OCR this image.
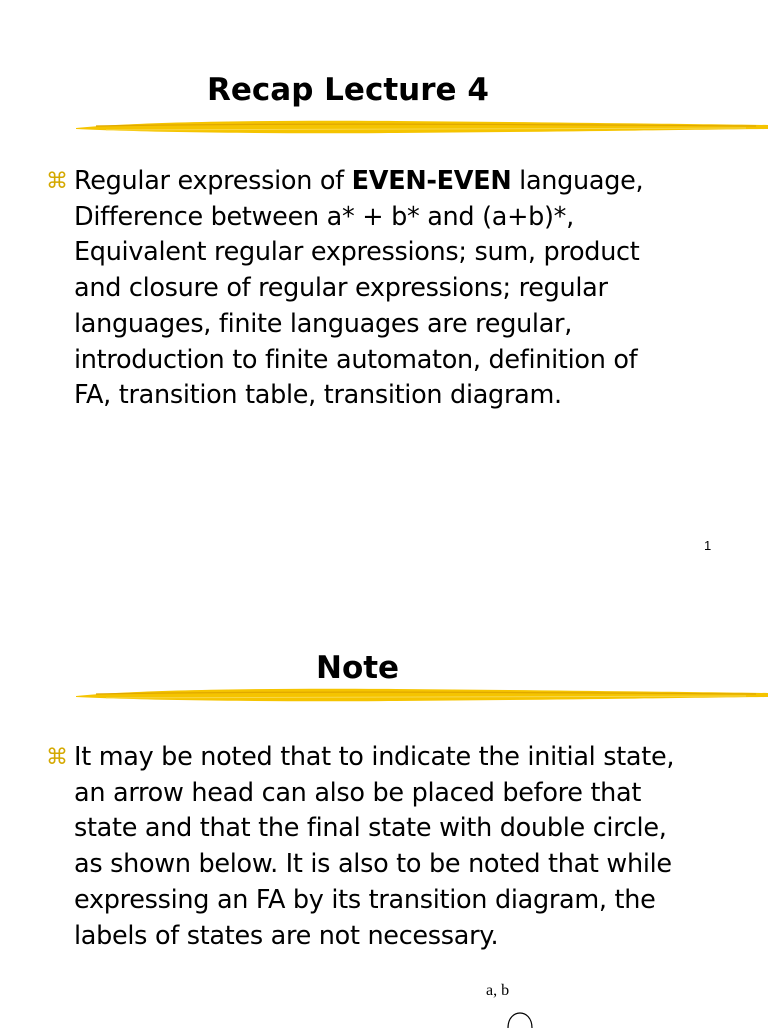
Recap Lecture 4
⌘ Regular expression of EVEN-EVEN language,
Difference between a* + b* and (a+b)*,
Equivalent regular expressions; sum, product
and closure of regular expressions; regular
languages, finite languages are regular,
introduction to finite automaton, definition of
FA, transition table, transition diagram.
1
Note
⌘ It may be noted that to indicate the initial state,
an arrow head can also be placed before that
state and that the final state with double circle,
as shown below. It is also to be noted that while
expressing an FA by its transition diagram, the
labels of states are not necessary.
a, b
